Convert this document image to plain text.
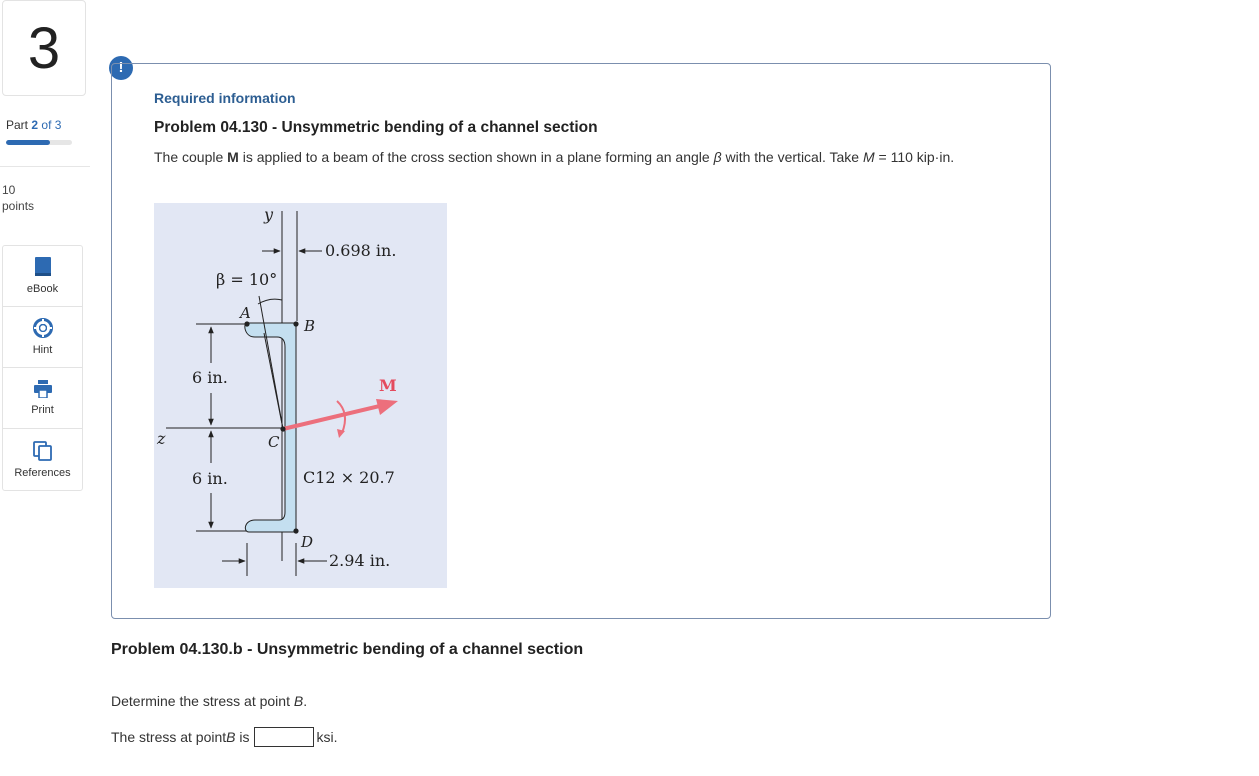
3
Part 2 of 3
10
points
eBook
Hint
Print
References
!
Required information
Problem 04.130 - Unsymmetric bending of a channel section
The couple M is applied to a beam of the cross section shown in a plane forming an angle β with the vertical. Take M = 110 kip·in.
y
z
0.698 in.
β = 10°
A
B
C
D
M
6 in.
6 in.	C12 × 20.7
2.94 in.
Problem 04.130.b - Unsymmetric bending of a channel section
Determine the stress at point B.
The stress at point B is	ksi.
